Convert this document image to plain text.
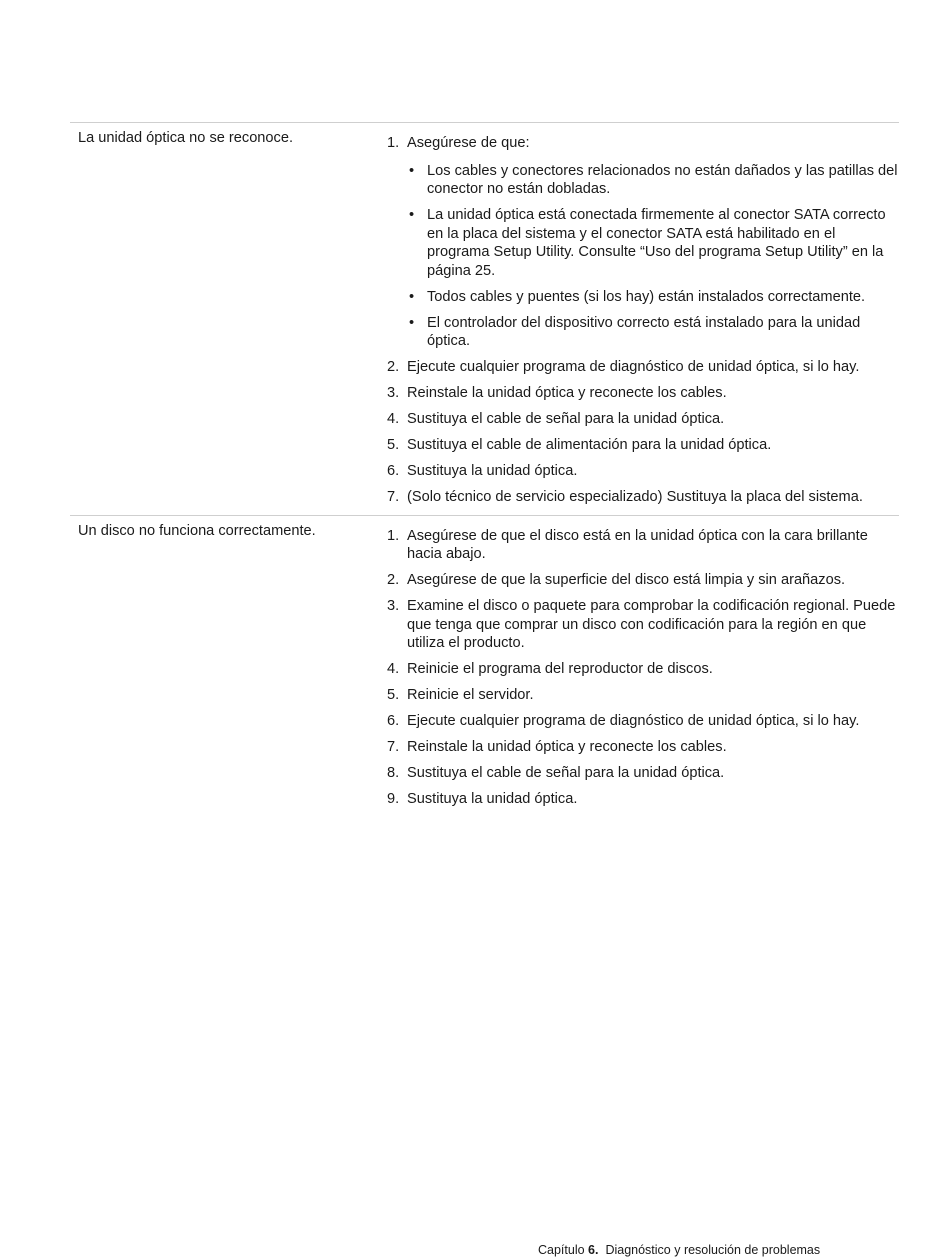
La unidad óptica no se reconoce.	1. Asegúrese de que:
• Los cables y conectores relacionados no están dañados y las patillas del conector no están dobladas.
• La unidad óptica está conectada firmemente al conector SATA correcto en la placa del sistema y el conector SATA está habilitado en el programa Setup Utility. Consulte “Uso del programa Setup Utility” en la página 25.
• Todos cables y puentes (si los hay) están instalados correctamente.
• El controlador del dispositivo correcto está instalado para la unidad óptica.
2. Ejecute cualquier programa de diagnóstico de unidad óptica, si lo hay.
3. Reinstale la unidad óptica y reconecte los cables.
4. Sustituya el cable de señal para la unidad óptica.
5. Sustituya el cable de alimentación para la unidad óptica.
6. Sustituya la unidad óptica.
7. (Solo técnico de servicio especializado) Sustituya la placa del sistema.
Un disco no funciona correctamente.	1. Asegúrese de que el disco está en la unidad óptica con la cara brillante hacia abajo.
2. Asegúrese de que la superficie del disco está limpia y sin arañazos.
3. Examine el disco o paquete para comprobar la codificación regional. Puede que tenga que comprar un disco con codificación para la región en que utiliza el producto.
4. Reinicie el programa del reproductor de discos.
5. Reinicie el servidor.
6. Ejecute cualquier programa de diagnóstico de unidad óptica, si lo hay.
7. Reinstale la unidad óptica y reconecte los cables.
8. Sustituya el cable de señal para la unidad óptica.
9. Sustituya la unidad óptica.
Capítulo 6. Diagnóstico y resolución de problemas
